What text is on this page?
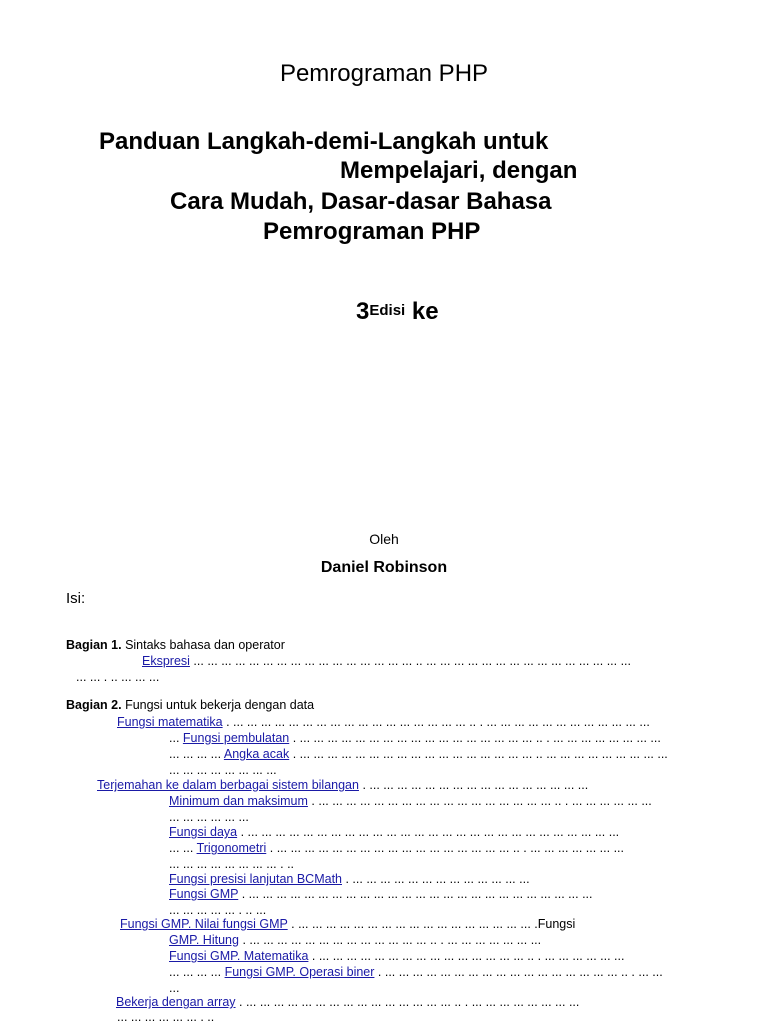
Pemrograman PHP
Panduan Langkah-demi-Langkah untuk
Mempelajari, dengan
Cara Mudah, Dasar-dasar Bahasa
Pemrograman PHP
$3^{Edisi}$ ke
Oleh
Daniel Robinson
Isi:
Bagian 1. Sintaks bahasa dan operator
Ekspresi ... ... ... ... ... ... ... ... ... ... ... ... ... ... ... ... .. ... ... ... ... ... ... ... ... ... ... ... ... ... ... ...
... ... . .. ... ... ...
Bagian 2. Fungsi untuk bekerja dengan data
Fungsi matematika . ... ... ... ... ... ... ... ... ... ... ... ... ... ... ... ... ... .. . ... ... ... ... ... ... ... ... ... ... ... ...
... Fungsi pembulatan . ... ... ... ... ... ... ... ... ... ... ... ... ... ... ... ... ... .. . ... ... ... ... ... ... ... ...
... ... ... ... Angka acak . ... ... ... ... ... ... ... ... ... ... ... ... ... ... ... ... ... .. ... ... ... ... ... ... ... ... ...
... ... ... ... ... ... ... ...
Terjemahan ke dalam berbagai sistem bilangan . ... ... ... ... ... ... ... ... ... ... ... ... ... ... ... ...
Minimum dan maksimum . ... ... ... ... ... ... ... ... ... ... ... ... ... ... ... ... ... .. . ... ... ... ... ... ...
... ... ... ... ... ...
Fungsi daya . ... ... ... ... ... ... ... ... ... ... ... ... ... ... ... ... ... ... ... ... ... ... ... ... ... ... ...
... ... Trigonometri . ... ... ... ... ... ... ... ... ... ... ... ... ... ... ... ... ... .. . ... ... ... ... ... ... ...
... ... ... ... ... ... ... ... . ..
Fungsi presisi lanjutan BCMath . ... ... ... ... ... ... ... ... ... ... ... ... ...
Fungsi GMP . ... ... ... ... ... ... ... ... ... ... ... ... ... ... ... ... ... ... ... ... ... ... ... ... ...
... ... ... ... ... . .. ...
Fungsi GMP. Nilai fungsi GMP . ... ... ... ... ... ... ... ... ... ... ... ... ... ... ... ... ... .Fungsi
GMP. Hitung . ... ... ... ... ... ... ... ... ... ... ... ... ... .. . ... ... ... ... ... ... ...
Fungsi GMP. Matematika . ... ... ... ... ... ... ... ... ... ... ... ... ... ... ... .. . ... ... ... ... ... ...
... ... ... ... Fungsi GMP. Operasi biner . ... ... ... ... ... ... ... ... ... ... ... ... ... ... ... ... ... .. . ... ...
...
Bekerja dengan array . ... ... ... ... ... ... ... ... ... ... ... ... ... ... ... .. . ... ... ... ... ... ... ... ...
... ... ... ... ... ... . ..
